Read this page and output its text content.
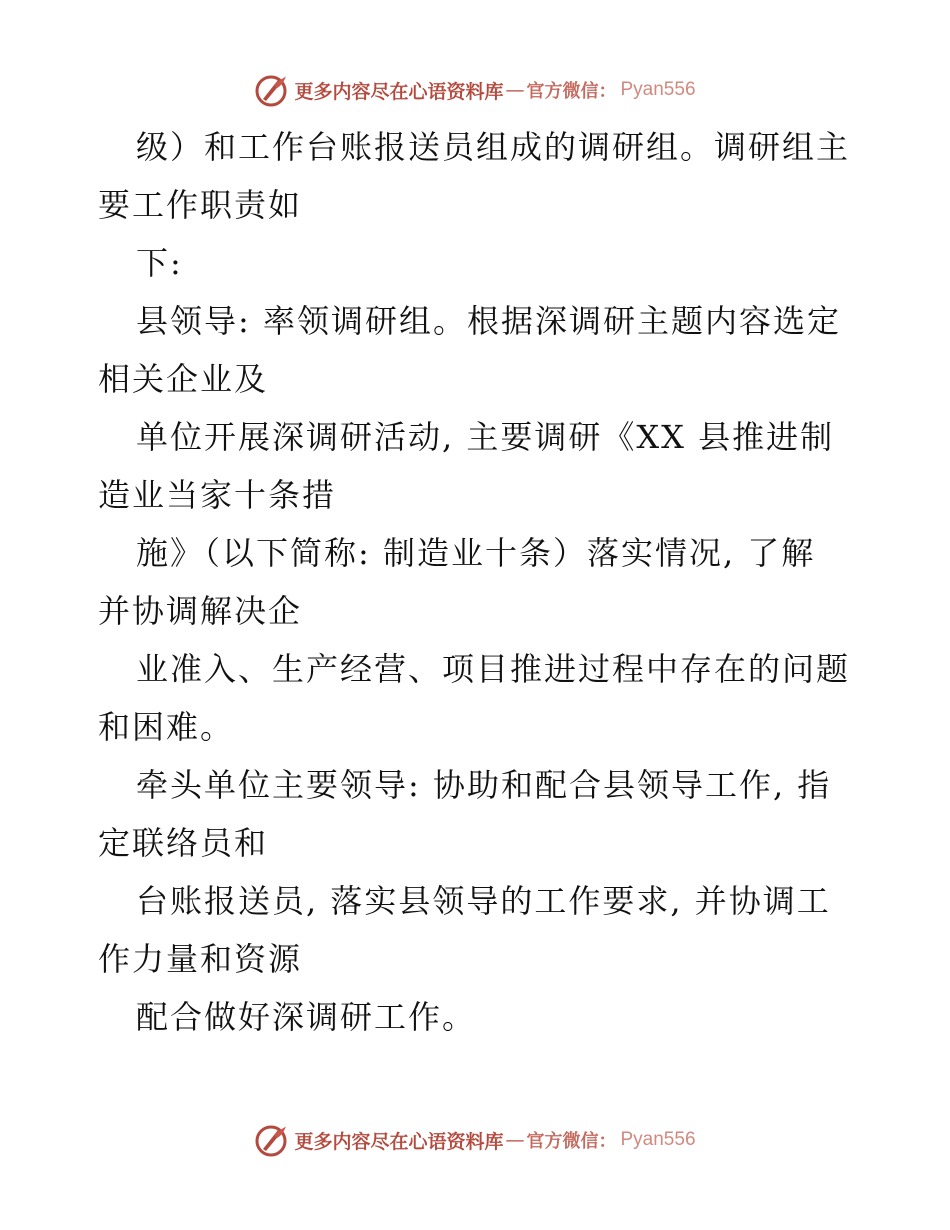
更多内容尽在心语资料库 — 官方微信： Pyan556
级）和工作台账报送员组成的调研组。调研组主
要工作职责如
下:
县领导: 率领调研组。根据深调研主题内容选定
相关企业及
单位开展深调研活动, 主要调研《XX 县推进制
造业当家十条措
施》（以下简称: 制造业十条）落实情况, 了解
并协调解决企
业准入、生产经营、项目推进过程中存在的问题
和困难。
牵头单位主要领导: 协助和配合县领导工作, 指
定联络员和
台账报送员, 落实县领导的工作要求, 并协调工
作力量和资源
配合做好深调研工作。
更多内容尽在心语资料库 — 官方微信： Pyan556
